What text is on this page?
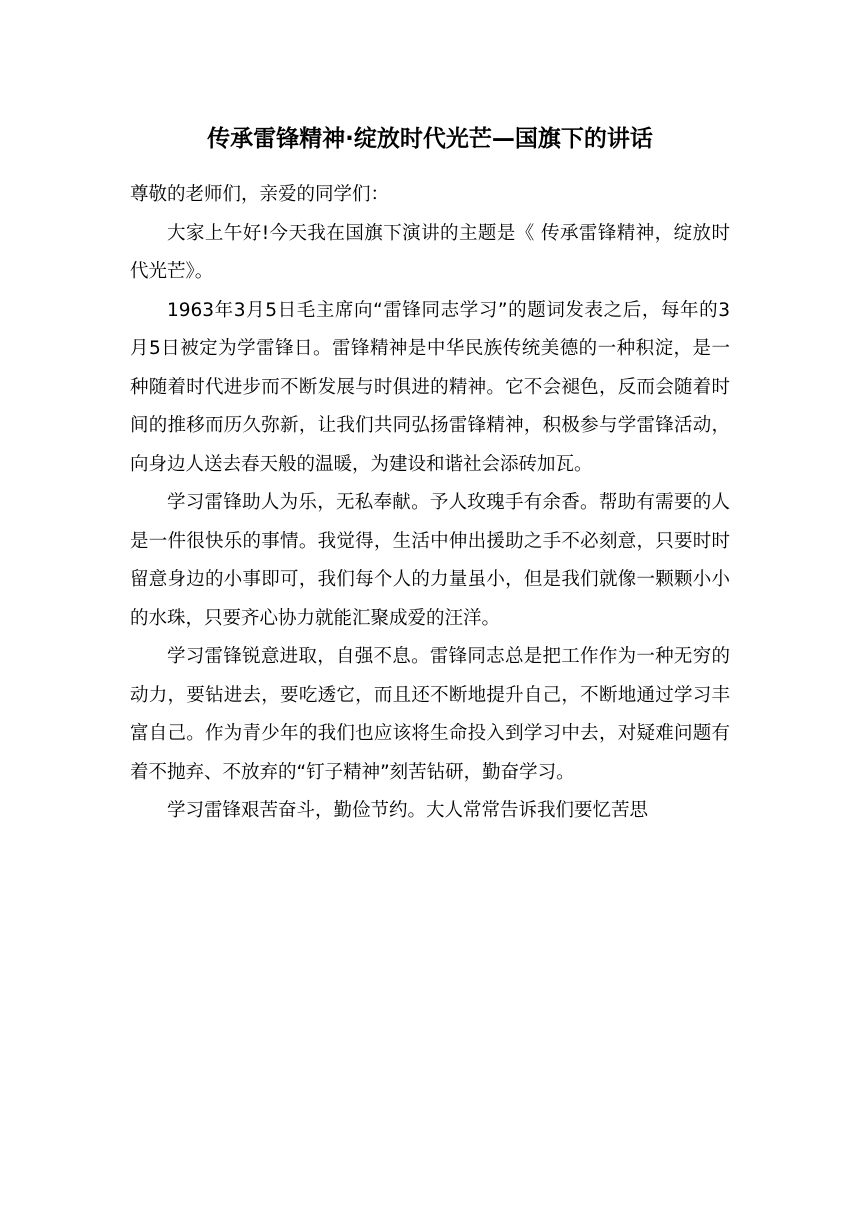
传承雷锋精神·绽放时代光芒—国旗下的讲话

尊敬的老师们，亲爱的同学们：

大家上午好!今天我在国旗下演讲的主题是《 传承雷锋精神，绽放时代光芒》。

1963年3月5日毛主席向“雷锋同志学习”的题词发表之后，每年的3月5日被定为学雷锋日。雷锋精神是中华民族传统美德的一种积淀，是一种随着时代进步而不断发展与时俱进的精神。它不会褪色，反而会随着时间的推移而历久弥新，让我们共同弘扬雷锋精神，积极参与学雷锋活动，向身边人送去春天般的温暖，为建设和谐社会添砖加瓦。

学习雷锋助人为乐，无私奉献。予人玫瑰手有余香。帮助有需要的人是一件很快乐的事情。我觉得，生活中伸出援助之手不必刻意，只要时时留意身边的小事即可，我们每个人的力量虽小，但是我们就像一颗颗小小的水珠，只要齐心协力就能汇聚成爱的汪洋。

学习雷锋锐意进取，自强不息。雷锋同志总是把工作作为一种无穷的动力，要钻进去，要吃透它，而且还不断地提升自己，不断地通过学习丰富自己。作为青少年的我们也应该将生命投入到学习中去，对疑难问题有着不抛弃、不放弃的“钉子精神”刻苦钻研，勤奋学习。

学习雷锋艰苦奋斗，勤俭节约。大人常常告诉我们要忆苦思
